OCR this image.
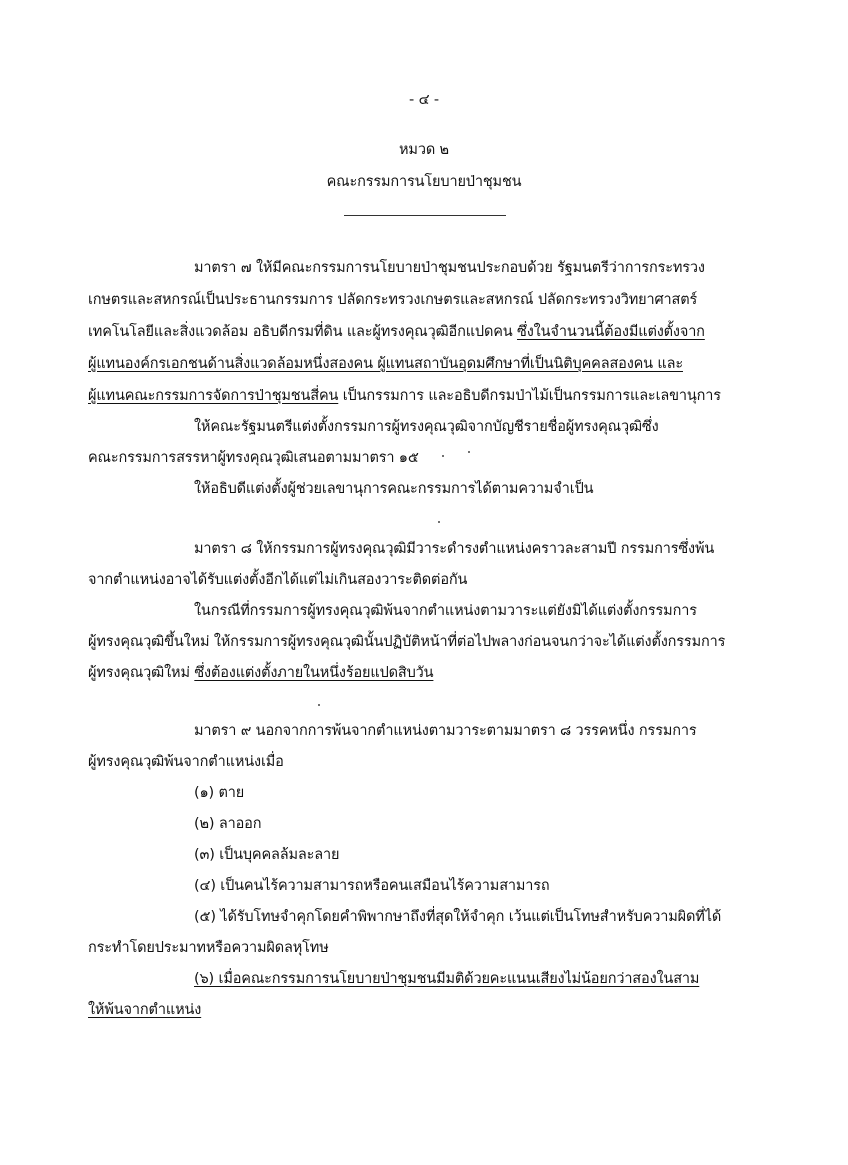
- ๔ -
หมวด ๒
คณะกรรมการนโยบายป่าชุมชน
มาตรา ๗ ให้มีคณะกรรมการนโยบายป่าชุมชนประกอบด้วย รัฐมนตรีว่าการกระทรวง
เกษตรและสหกรณ์เป็นประธานกรรมการ ปลัดกระทรวงเกษตรและสหกรณ์ ปลัดกระทรวงวิทยาศาสตร์
เทคโนโลยีและสิ่งแวดล้อม อธิบดีกรมที่ดิน และผู้ทรงคุณวุฒิอีกแปดคน ซึ่งในจำนวนนี้ต้องมีแต่งตั้งจาก
ผู้แทนองค์กรเอกชนด้านสิ่งแวดล้อมหนึ่งสองคน ผู้แทนสถาบันอุดมศึกษาที่เป็นนิติบุคคลสองคน และ
ผู้แทนคณะกรรมการจัดการป่าชุมชนสี่คน เป็นกรรมการ และอธิบดีกรมป่าไม้เป็นกรรมการและเลขานุการ
ให้คณะรัฐมนตรีแต่งตั้งกรรมการผู้ทรงคุณวุฒิจากบัญชีรายชื่อผู้ทรงคุณวุฒิซึ่ง
คณะกรรมการสรรหาผู้ทรงคุณวุฒิเสนอตามมาตรา ๑๕
ให้อธิบดีแต่งตั้งผู้ช่วยเลขานุการคณะกรรมการได้ตามความจำเป็น
มาตรา ๘ ให้กรรมการผู้ทรงคุณวุฒิมีวาระดำรงตำแหน่งคราวละสามปี กรรมการซึ่งพ้น
จากตำแหน่งอาจได้รับแต่งตั้งอีกได้แต่ไม่เกินสองวาระติดต่อกัน
ในกรณีที่กรรมการผู้ทรงคุณวุฒิพ้นจากตำแหน่งตามวาระแต่ยังมิได้แต่งตั้งกรรมการ
ผู้ทรงคุณวุฒิขึ้นใหม่ ให้กรรมการผู้ทรงคุณวุฒินั้นปฏิบัติหน้าที่ต่อไปพลางก่อนจนกว่าจะได้แต่งตั้งกรรมการ
ผู้ทรงคุณวุฒิใหม่ ซึ่งต้องแต่งตั้งภายในหนึ่งร้อยแปดสิบวัน
มาตรา ๙ นอกจากการพ้นจากตำแหน่งตามวาระตามมาตรา ๘ วรรคหนึ่ง กรรมการ
ผู้ทรงคุณวุฒิพ้นจากตำแหน่งเมื่อ
(๑) ตาย
(๒) ลาออก
(๓) เป็นบุคคลล้มละลาย
(๔) เป็นคนไร้ความสามารถหรือคนเสมือนไร้ความสามารถ
(๕) ได้รับโทษจำคุกโดยคำพิพากษาถึงที่สุดให้จำคุก เว้นแต่เป็นโทษสำหรับความผิดที่ได้
กระทำโดยประมาทหรือความผิดลหุโทษ
(๖) เมื่อคณะกรรมการนโยบายป่าชุมชนมีมติด้วยคะแนนเสียงไม่น้อยกว่าสองในสาม
ให้พ้นจากตำแหน่ง
